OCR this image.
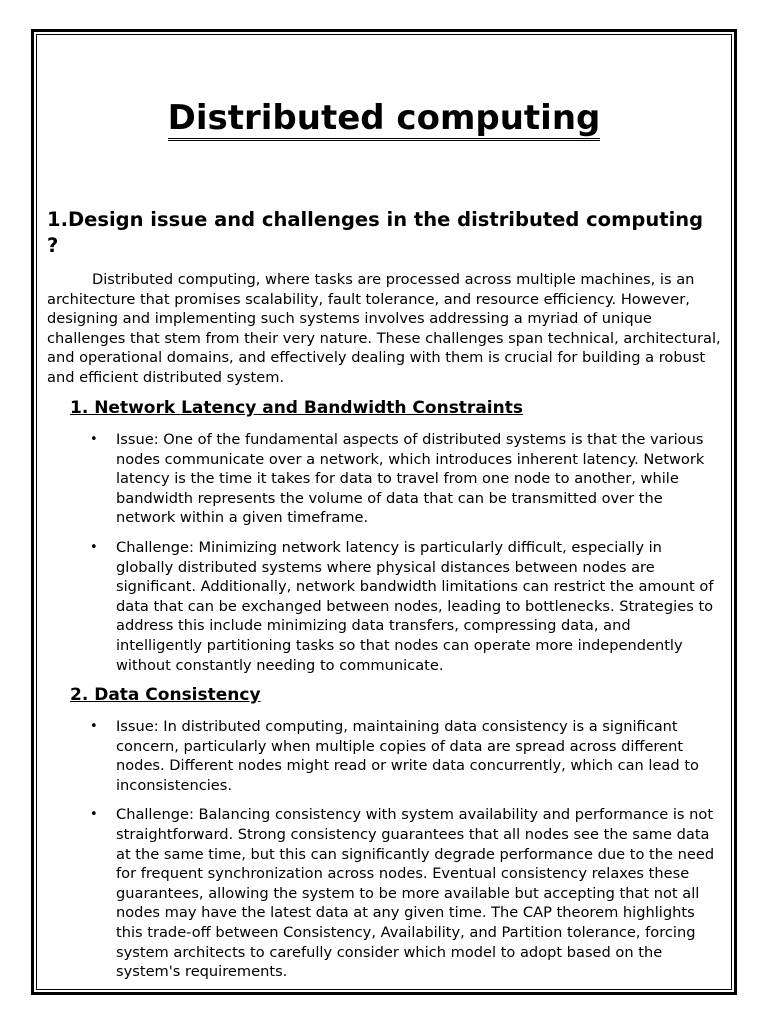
Distributed computing
1.Design issue and challenges in the distributed computing ?

Distributed computing, where tasks are processed across multiple machines, is an architecture that promises scalability, fault tolerance, and resource efficiency. However, designing and implementing such systems involves addressing a myriad of unique challenges that stem from their very nature. These challenges span technical, architectural, and operational domains, and effectively dealing with them is crucial for building a robust and efficient distributed system.

1. Network Latency and Bandwidth Constraints
• Issue: One of the fundamental aspects of distributed systems is that the various nodes communicate over a network, which introduces inherent latency. Network latency is the time it takes for data to travel from one node to another, while bandwidth represents the volume of data that can be transmitted over the network within a given timeframe.
• Challenge: Minimizing network latency is particularly difficult, especially in globally distributed systems where physical distances between nodes are significant. Additionally, network bandwidth limitations can restrict the amount of data that can be exchanged between nodes, leading to bottlenecks. Strategies to address this include minimizing data transfers, compressing data, and intelligently partitioning tasks so that nodes can operate more independently without constantly needing to communicate.
2. Data Consistency
• Issue: In distributed computing, maintaining data consistency is a significant concern, particularly when multiple copies of data are spread across different nodes. Different nodes might read or write data concurrently, which can lead to inconsistencies.
• Challenge: Balancing consistency with system availability and performance is not straightforward. Strong consistency guarantees that all nodes see the same data at the same time, but this can significantly degrade performance due to the need for frequent synchronization across nodes. Eventual consistency relaxes these guarantees, allowing the system to be more available but accepting that not all nodes may have the latest data at any given time. The CAP theorem highlights this trade-off between Consistency, Availability, and Partition tolerance, forcing system architects to carefully consider which model to adopt based on the system's requirements.
